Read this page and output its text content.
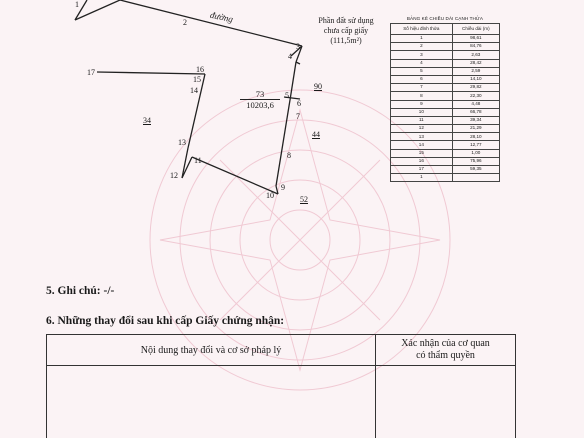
đường	Phần đất sử dụng
chưa cấp giấy
(111,5m²)
1
2
3
4
5
6
7
8
9
10
11
12
13
14
15
16
17
90
34
44
52
73
10203,6
BẢNG KÊ CHIỀU DÀI CẠNH THỬA
Số hiệu đỉnh thửa	Chiều dài (m)
1	98,61
2	84,76
3	2,63
4	28,42
5	2,59
6	14,10
7	29,82
8	22,30
9	4,48
10	66,78
11	39,34
12	21,29
13	28,10
14	12,77
15	1,00
16	75,96
17	59,35
1	
5. Ghi chú: -/-
6. Những thay đổi sau khi cấp Giấy chứng nhận:
Nội dung thay đổi và cơ sở pháp lý
Xác nhận của cơ quan
có thẩm quyền
